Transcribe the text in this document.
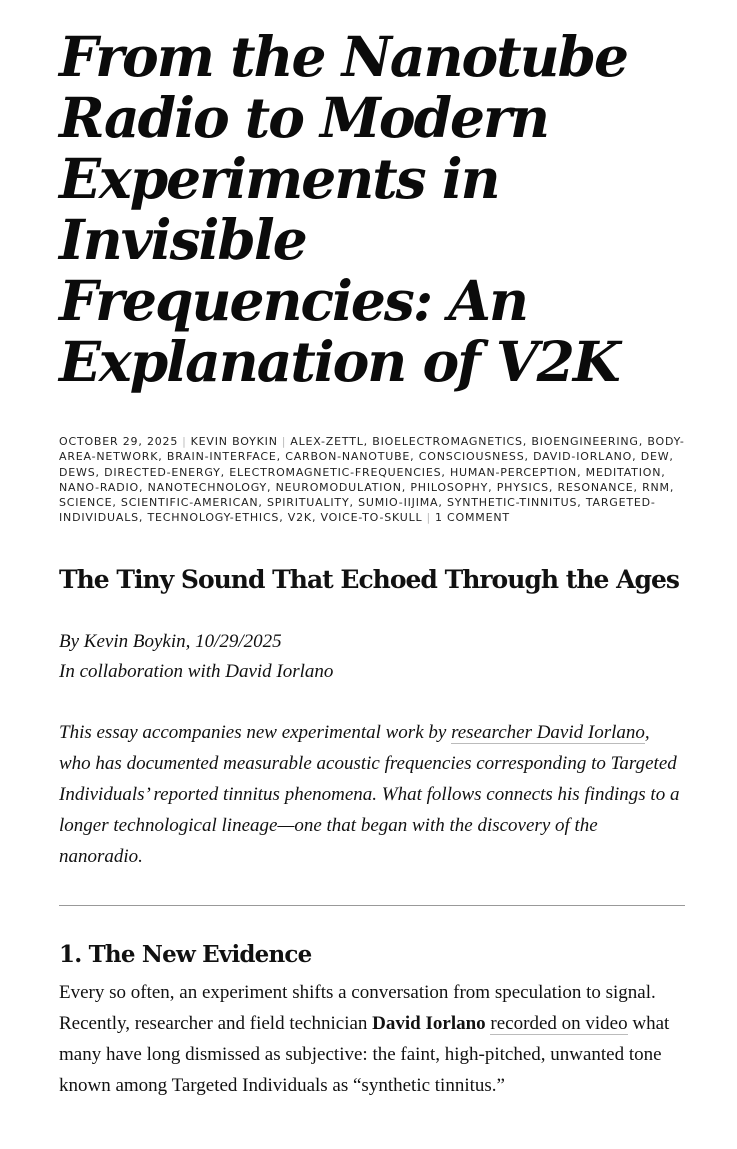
From the Nanotube Radio to Modern Experiments in Invisible Frequencies: An Explanation of V2K
OCTOBER 29, 2025 | KEVIN BOYKIN | ALEX-ZETTL, BIOELECTROMAGNETICS, BIOENGINEERING, BODY-AREA-NETWORK, BRAIN-INTERFACE, CARBON-NANOTUBE, CONSCIOUSNESS, DAVID-IORLANO, DEW, DEWS, DIRECTED-ENERGY, ELECTROMAGNETIC-FREQUENCIES, HUMAN-PERCEPTION, MEDITATION, NANO-RADIO, NANOTECHNOLOGY, NEUROMODULATION, PHILOSOPHY, PHYSICS, RESONANCE, RNM, SCIENCE, SCIENTIFIC-AMERICAN, SPIRITUALITY, SUMIO-IIJIMA, SYNTHETIC-TINNITUS, TARGETED-INDIVIDUALS, TECHNOLOGY-ETHICS, V2K, VOICE-TO-SKULL | 1 COMMENT
The Tiny Sound That Echoed Through the Ages
By Kevin Boykin, 10/29/2025
In collaboration with David Iorlano

This essay accompanies new experimental work by researcher David Iorlano, who has documented measurable acoustic frequencies corresponding to Targeted Individuals’ reported tinnitus phenomena. What follows connects his findings to a longer technological lineage—one that began with the discovery of the nanoradio.

1. The New Evidence
Every so often, an experiment shifts a conversation from speculation to signal.
Recently, researcher and field technician David Iorlano recorded on video what many have long dismissed as subjective: the faint, high-pitched, unwanted tone known among Targeted Individuals as “synthetic tinnitus.”
